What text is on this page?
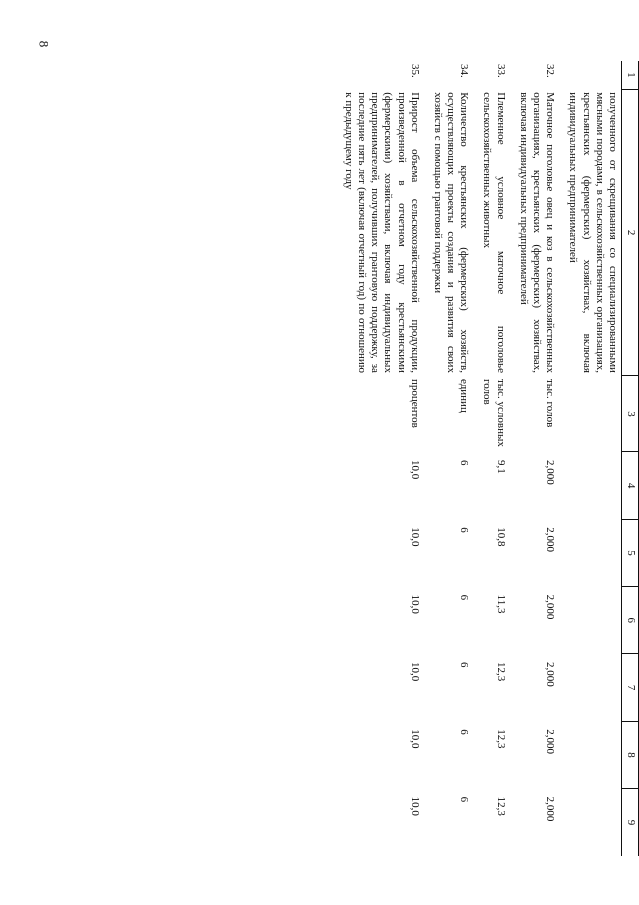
8
1	2	3	4	5	6	7	8	9
	полученного от скрещивания со специализированными мясными породами, в сельскохозяйственных организациях, крестьянских (фермерских) хозяйствах, включая индивидуальных предпринимателей							
32.	Маточное поголовье овец и коз в сельскохозяйственных организациях, крестьянских (фермерских) хозяйствах, включая индивидуальных предпринимателей	тыс. голов	2,000	2,000	2,000	2,000	2,000	2,000
33.	Племенное условное маточное поголовье сельскохозяйственных животных	тыс. условных голов	9,1	10,8	11,3	12,3	12,3	12,3
34.	Количество крестьянских (фермерских) хозяйств, осуществляющих проекты создания и развития своих хозяйств с помощью грантовой поддержки	единиц	6	6	6	6	6	6
35.	Прирост объема сельскохозяйственной продукции, произведенной в отчетном году крестьянскими (фермерскими) хозяйствами, включая индивидуальных предпринимателей, получивших грантовую поддержку, за последние пять лет (включая отчетный год) по отношению к предыдущему году	процентов	10,0	10,0	10,0	10,0	10,0	10,0
